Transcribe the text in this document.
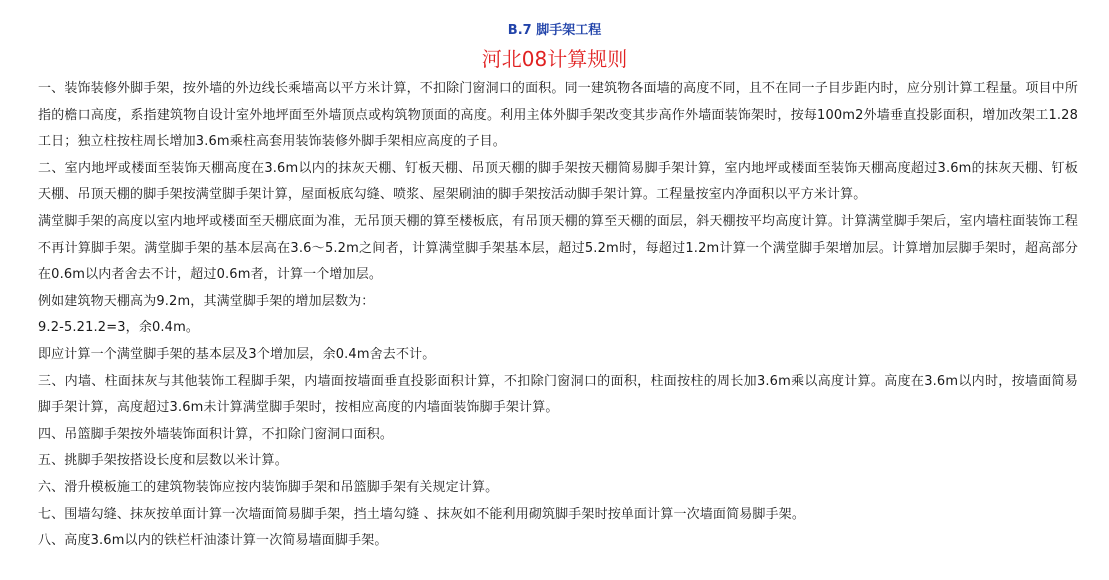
B.7 脚手架工程
河北08计算规则

一、装饰装修外脚手架，按外墙的外边线长乘墙高以平方米计算，不扣除门窗洞口的面积。同一建筑物各面墙的高度不同，且不在同一子目步距内时，应分别计算工程量。项目中所指的檐口高度，系指建筑物自设计室外地坪面至外墙顶点或构筑物顶面的高度。利用主体外脚手架改变其步高作外墙面装饰架时，按每100m2外墙垂直投影面积，增加改架工1.28工日；独立柱按柱周长增加3.6m乘柱高套用装饰装修外脚手架相应高度的子目。

二、室内地坪或楼面至装饰天棚高度在3.6m以内的抹灰天棚、钉板天棚、吊顶天棚的脚手架按天棚简易脚手架计算，室内地坪或楼面至装饰天棚高度超过3.6m的抹灰天棚、钉板天棚、吊顶天棚的脚手架按满堂脚手架计算，屋面板底勾缝、喷浆、屋架刷油的脚手架按活动脚手架计算。工程量按室内净面积以平方米计算。

满堂脚手架的高度以室内地坪或楼面至天棚底面为准，无吊顶天棚的算至楼板底，有吊顶天棚的算至天棚的面层，斜天棚按平均高度计算。计算满堂脚手架后，室内墙柱面装饰工程不再计算脚手架。满堂脚手架的基本层高在3.6～5.2m之间者，计算满堂脚手架基本层，超过5.2m时，每超过1.2m计算一个满堂脚手架增加层。计算增加层脚手架时，超高部分在0.6m以内者舍去不计，超过0.6m者，计算一个增加层。

例如建筑物天棚高为9.2m，其满堂脚手架的增加层数为：

9.2-5.21.2=3，余0.4m。

即应计算一个满堂脚手架的基本层及3个增加层，余0.4m舍去不计。

三、内墙、柱面抹灰与其他装饰工程脚手架，内墙面按墙面垂直投影面积计算，不扣除门窗洞口的面积，柱面按柱的周长加3.6m乘以高度计算。高度在3.6m以内时，按墙面简易脚手架计算，高度超过3.6m未计算满堂脚手架时，按相应高度的内墙面装饰脚手架计算。

四、吊篮脚手架按外墙装饰面积计算，不扣除门窗洞口面积。

五、挑脚手架按搭设长度和层数以米计算。

六、滑升模板施工的建筑物装饰应按内装饰脚手架和吊篮脚手架有关规定计算。

七、围墙勾缝、抹灰按单面计算一次墙面简易脚手架，挡土墙勾缝 、抹灰如不能利用砌筑脚手架时按单面计算一次墙面简易脚手架。

八、高度3.6m以内的铁栏杆油漆计算一次简易墙面脚手架。
